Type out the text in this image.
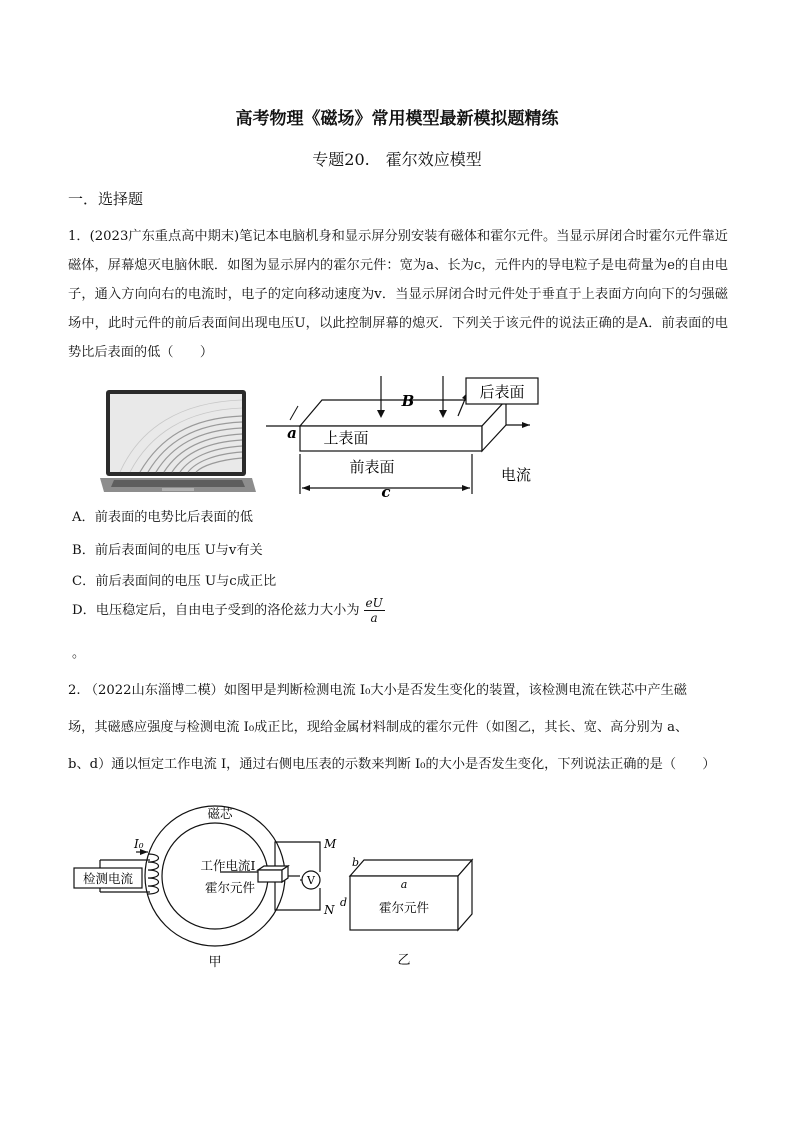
高考物理《磁场》常用模型最新模拟题精练
专题20.　霍尔效应模型
一．选择题
1．(2023广东重点高中期末)笔记本电脑机身和显示屏分别安装有磁体和霍尔元件。当显示屏闭合时霍尔元件靠近磁体，屏幕熄灭电脑休眠．如图为显示屏内的霍尔元件：宽为a、长为c，元件内的导电粒子是电荷量为e的自由电子，通入方向向右的电流时，电子的定向移动速度为v．当显示屏闭合时元件处于垂直于上表面方向向下的匀强磁场中，此时元件的前后表面间出现电压U，以此控制屏幕的熄灭．下列关于该元件的说法正确的是A．前表面的电势比后表面的低（　　）
后表面
B
a 上表面
前表面	电流
c
A．前表面的电势比后表面的低
B．前后表面间的电压 U与v有关
C．前后表面间的电压 U与c成正比
D．电压稳定后，自由电子受到的洛伦兹力大小为 $\frac{eU}{a}$
。
2. （2022山东淄博二模）如图甲是判断检测电流 I₀大小是否发生变化的装置，该检测电流在铁芯中产生磁
场，其磁感应强度与检测电流 I₀成正比，现给金属材料制成的霍尔元件（如图乙，其长、宽、高分别为 a、
b、d）通以恒定工作电流 I，通过右侧电压表的示数来判断 I₀的大小是否发生变化，下列说法正确的是（　　）
V
检测电流
I₀
磁芯
工作电流I
霍尔元件
M
N
甲
b
a
d	霍尔元件
乙
